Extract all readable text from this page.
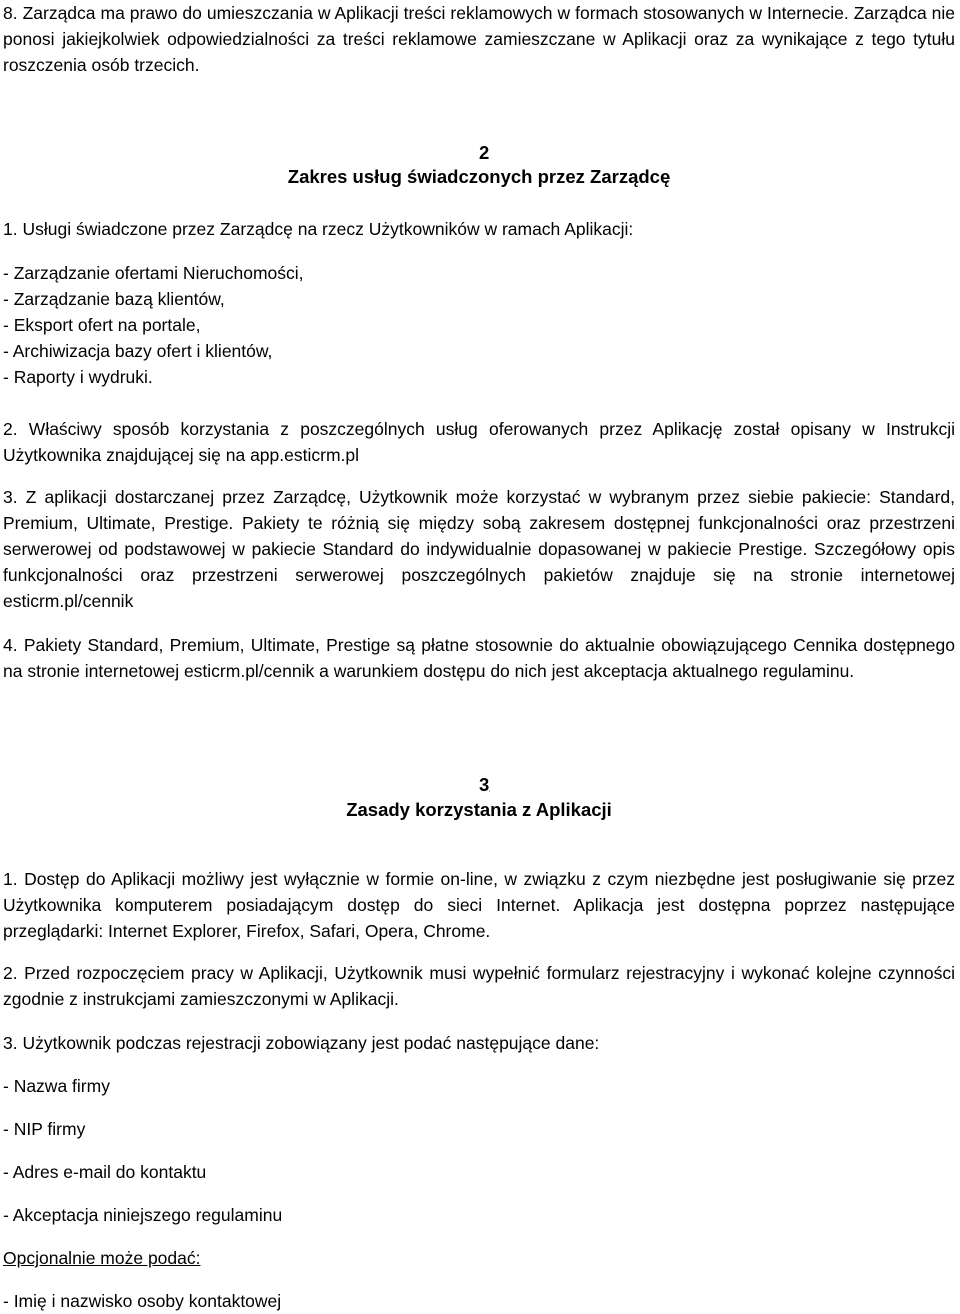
8. Zarządca ma prawo do umieszczania w Aplikacji treści reklamowych w formach stosowanych w Internecie. Zarządca nie ponosi jakiejkolwiek odpowiedzialności za treści reklamowe zamieszczane w Aplikacji oraz za wynikające z tego tytułu roszczenia osób trzecich.

2

Zakres usług świadczonych przez Zarządcę

1. Usługi świadczone przez Zarządcę na rzecz Użytkowników w ramach Aplikacji:

- Zarządzanie ofertami Nieruchomości,

- Zarządzanie bazą klientów,

- Eksport ofert na portale,

- Archiwizacja bazy ofert i klientów,

- Raporty i wydruki.

2. Właściwy sposób korzystania z poszczególnych usług oferowanych przez Aplikację został opisany w Instrukcji Użytkownika znajdującej się na app.esticrm.pl

3. Z aplikacji dostarczanej przez Zarządcę, Użytkownik może korzystać w wybranym przez siebie pakiecie: Standard, Premium, Ultimate, Prestige. Pakiety te różnią się między sobą zakresem dostępnej funkcjonalności oraz przestrzeni serwerowej od podstawowej w pakiecie Standard do indywidualnie dopasowanej w pakiecie Prestige. Szczegółowy opis funkcjonalności oraz przestrzeni serwerowej poszczególnych pakietów znajduje się na stronie internetowej esticrm.pl/cennik

4. Pakiety Standard, Premium, Ultimate, Prestige są płatne stosownie do aktualnie obowiązującego Cennika dostępnego na stronie internetowej esticrm.pl/cennik a warunkiem dostępu do nich jest akceptacja aktualnego regulaminu.

3

Zasady korzystania z Aplikacji

1. Dostęp do Aplikacji możliwy jest wyłącznie w formie on-line, w związku z czym niezbędne jest posługiwanie się przez Użytkownika komputerem posiadającym dostęp do sieci Internet. Aplikacja jest dostępna poprzez następujące przeglądarki: Internet Explorer, Firefox, Safari, Opera, Chrome.

2. Przed rozpoczęciem pracy w Aplikacji, Użytkownik musi wypełnić formularz rejestracyjny i wykonać kolejne czynności zgodnie z instrukcjami zamieszczonymi w Aplikacji.

3. Użytkownik podczas rejestracji zobowiązany jest podać następujące dane:

- Nazwa firmy

- NIP firmy

- Adres e-mail do kontaktu

- Akceptacja niniejszego regulaminu

Opcjonalnie może podać:

- Imię i nazwisko osoby kontaktowej
